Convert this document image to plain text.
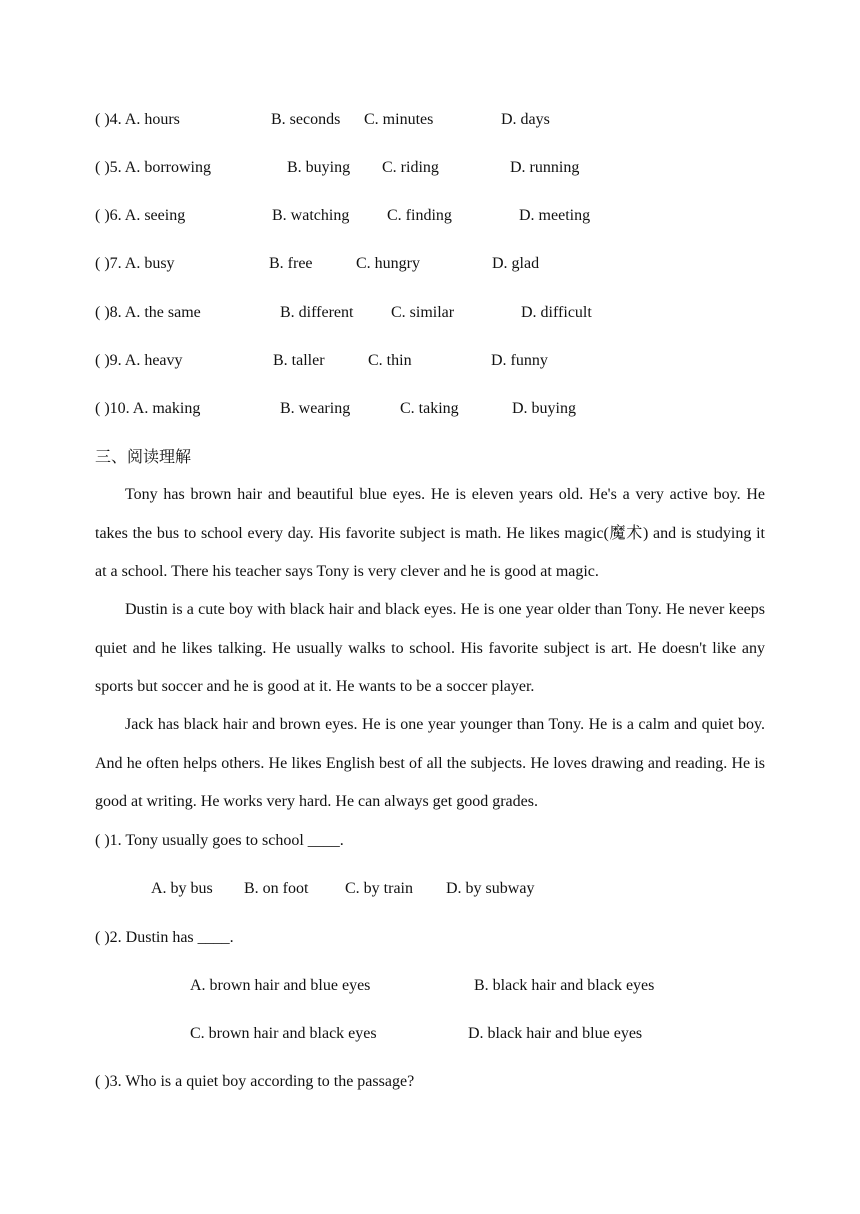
( )4. A. hours	B. seconds C. minutes	D. days
( )5. A. borrowing	B. buying C. riding	D. running
( )6. A. seeing	B. watching C. finding	D. meeting
( )7. A. busy	B. free	C. hungry	D. glad
( )8. A. the same	B. different C. similar	D. difficult
( )9. A. heavy	B. taller	C. thin	D. funny
( )10. A. making	B. wearing	C. taking	D. buying
三、阅读理解

Tony has brown hair and beautiful blue eyes. He is eleven years old. He's a very active boy. He takes the bus to school every day. His favorite subject is math. He likes magic(魔术) and is studying it at a school. There his teacher says Tony is very clever and he is good at magic.

Dustin is a cute boy with black hair and black eyes. He is one year older than Tony. He never keeps quiet and he likes talking. He usually walks to school. His favorite subject is art. He doesn't like any sports but soccer and he is good at it. He wants to be a soccer player.

Jack has black hair and brown eyes. He is one year younger than Tony. He is a calm and quiet boy. And he often helps others. He likes English best of all the subjects. He loves drawing and reading. He is good at writing. He works very hard. He can always get good grades.

( )1. Tony usually goes to school ____.
A. by bus B. on foot C. by train D. by subway
( )2. Dustin has ____.
A. brown hair and blue eyes	B. black hair and black eyes
C. brown hair and black eyes	D. black hair and blue eyes
( )3. Who is a quiet boy according to the passage?
